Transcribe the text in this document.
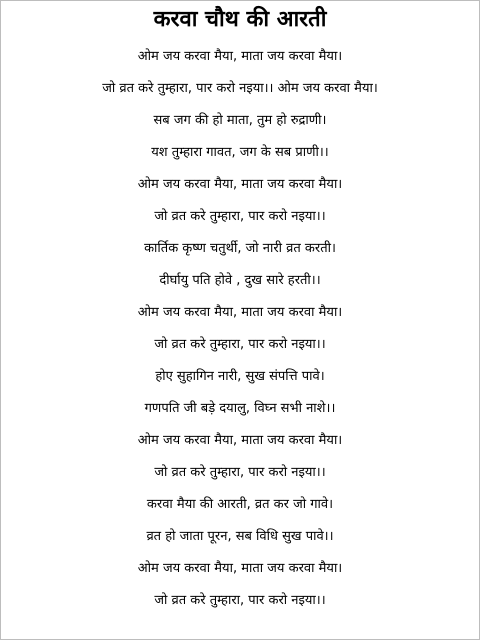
करवा चौथ की आरती
ओम जय करवा मैया, माता जय करवा मैया।
जो व्रत करे तुम्हारा, पार करो नइया।। ओम जय करवा मैया।
सब जग की हो माता, तुम हो रुद्राणी।
यश तुम्हारा गावत, जग के सब प्राणी।।
ओम जय करवा मैया, माता जय करवा मैया।
जो व्रत करे तुम्हारा, पार करो नइया।।
कार्तिक कृष्ण चतुर्थी, जो नारी व्रत करती।
दीर्घायु पति होवे , दुख सारे हरती।।
ओम जय करवा मैया, माता जय करवा मैया।
जो व्रत करे तुम्हारा, पार करो नइया।।
होए सुहागिन नारी, सुख संपत्ति पावे।
गणपति जी बड़े दयालु, विघ्न सभी नाशे।।
ओम जय करवा मैया, माता जय करवा मैया।
जो व्रत करे तुम्हारा, पार करो नइया।।
करवा मैया की आरती, व्रत कर जो गावे।
व्रत हो जाता पूरन, सब विधि सुख पावे।।
ओम जय करवा मैया, माता जय करवा मैया।
जो व्रत करे तुम्हारा, पार करो नइया।।
